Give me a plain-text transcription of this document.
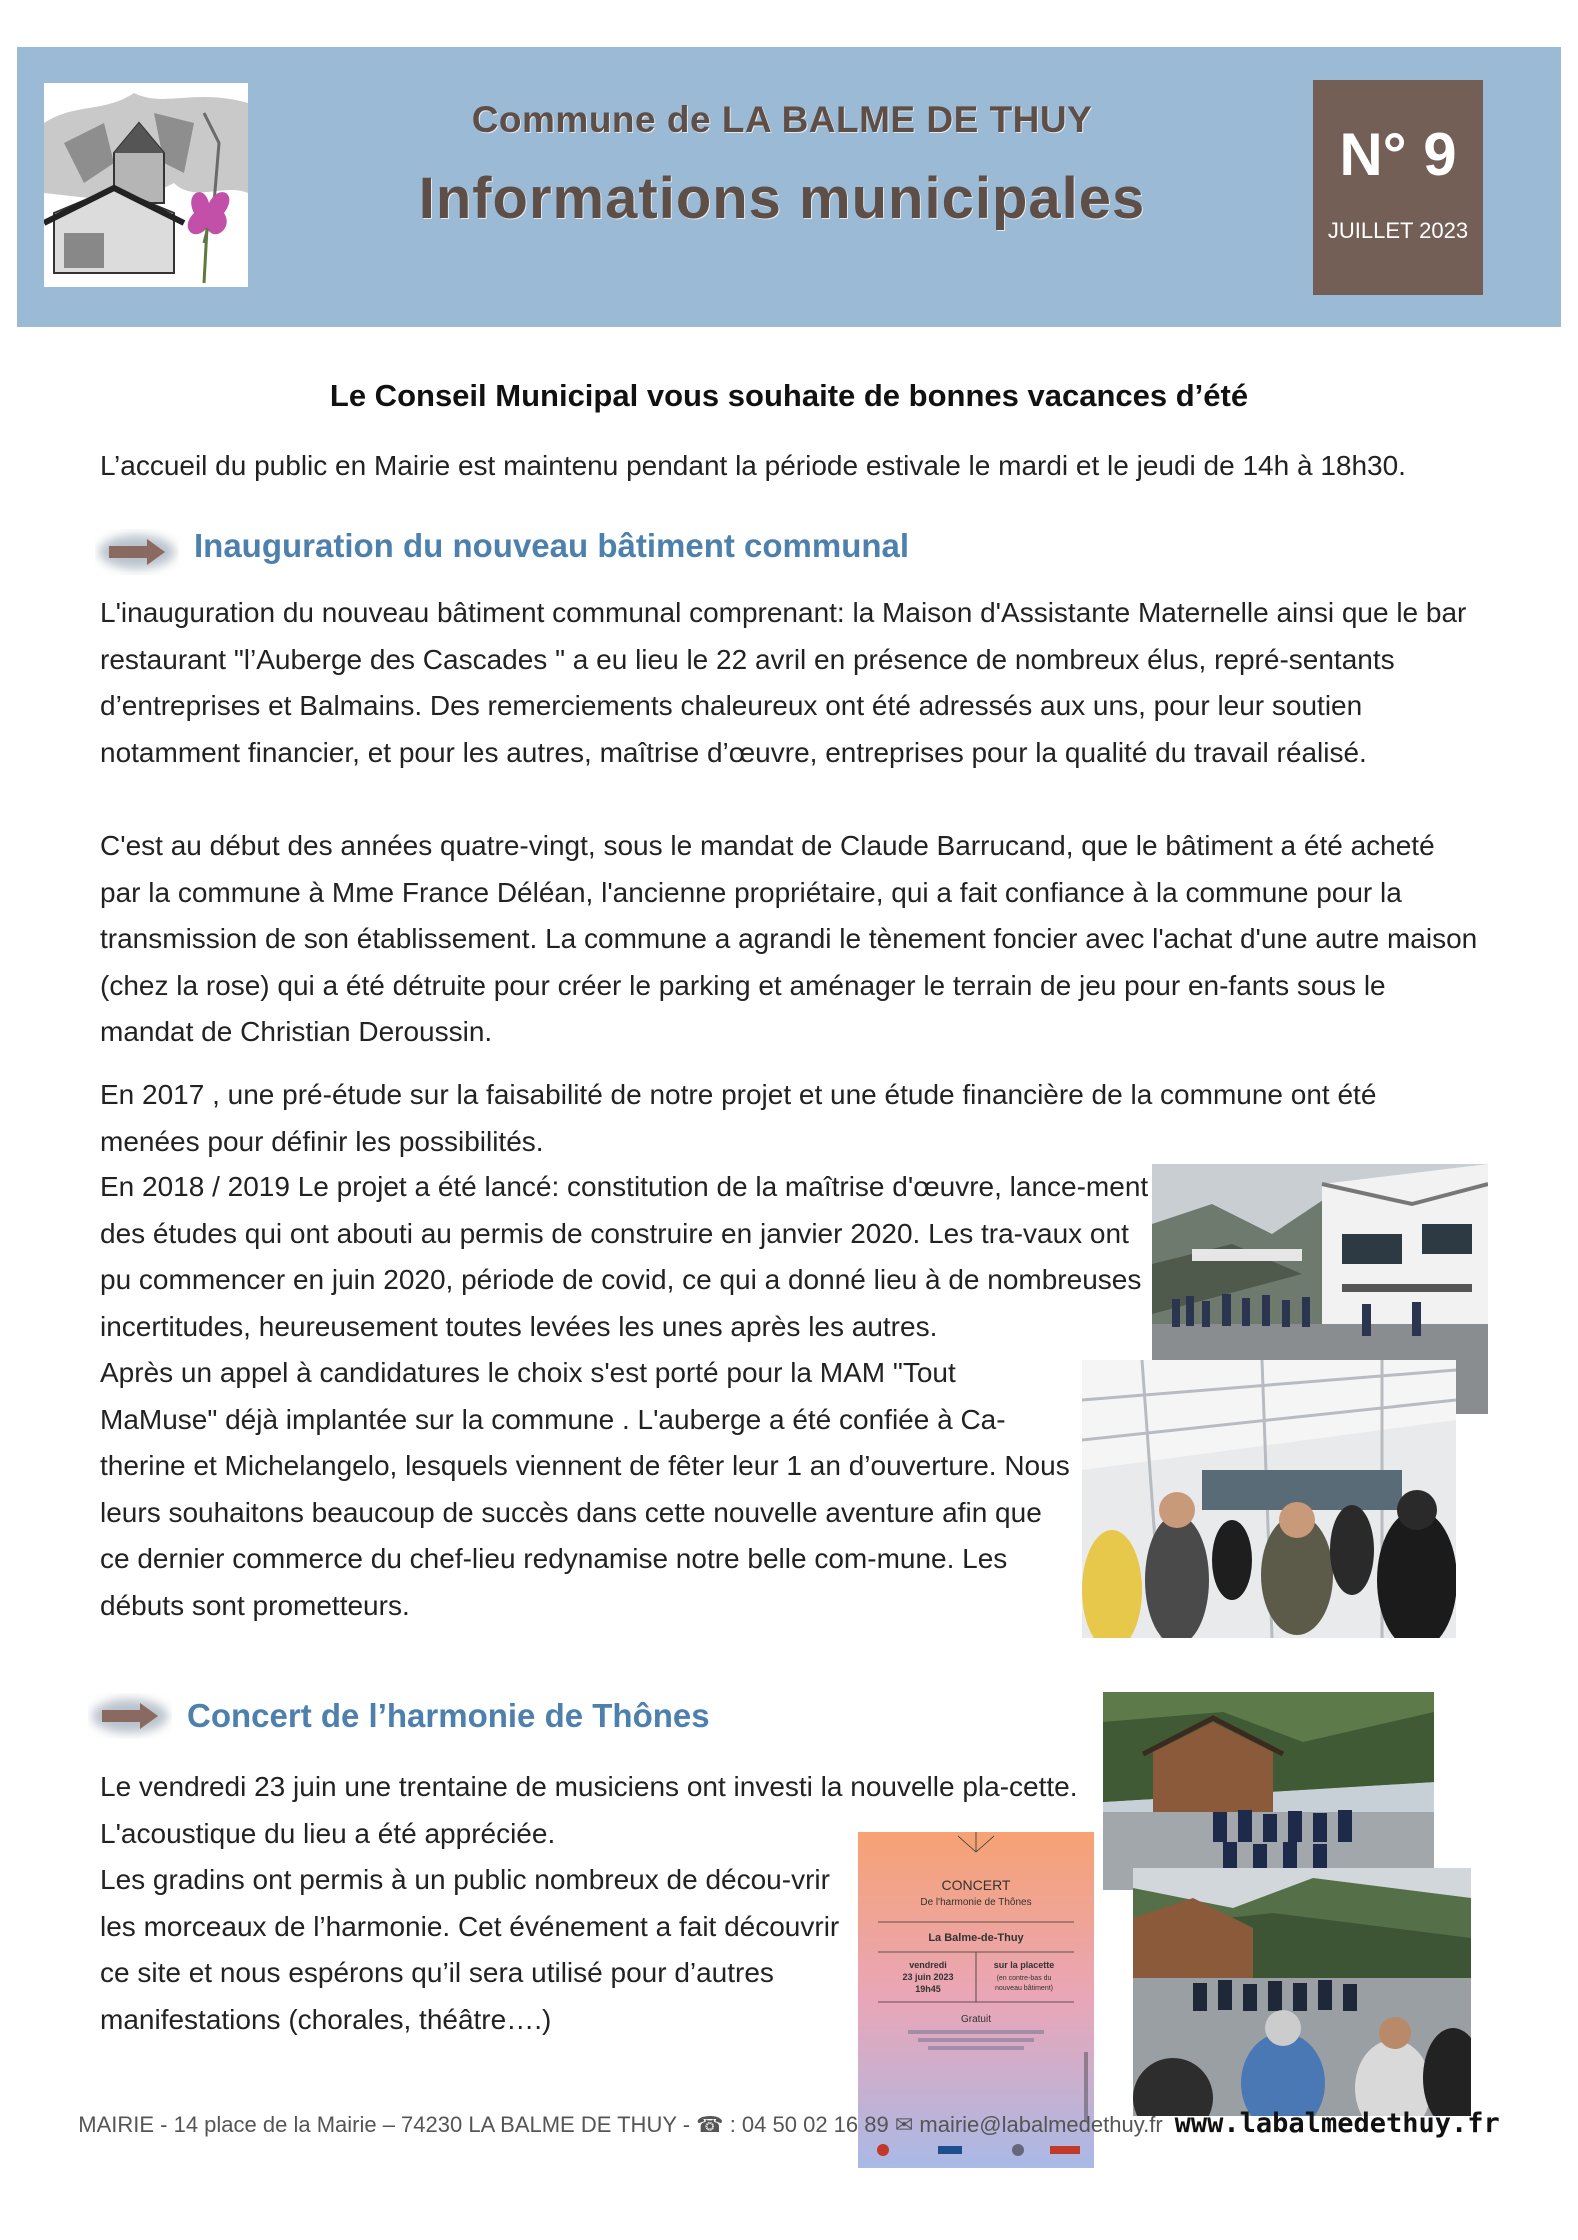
Commune de LA BALME DE THUY
Informations municipales
N° 9
JUILLET 2023
Le Conseil Municipal vous souhaite de bonnes vacances d’été

L’accueil du public en Mairie est maintenu pendant la période estivale le mardi et le jeudi de 14h à 18h30.

Inauguration du nouveau bâtiment communal

L'inauguration du nouveau bâtiment communal comprenant: la Maison d'Assistante Maternelle ainsi que le bar restaurant "l’Auberge des Cascades " a eu lieu le 22 avril en présence de nombreux élus, repré-sentants d’entreprises et Balmains. Des remerciements chaleureux ont été adressés aux uns, pour leur soutien notamment financier, et pour les autres, maîtrise d’œuvre, entreprises pour la qualité du travail réalisé.

C'est au début des années quatre-vingt, sous le mandat de Claude Barrucand, que le bâtiment a été acheté par la commune à Mme France Déléan, l'ancienne propriétaire, qui a fait confiance à la commune pour la transmission de son établissement. La commune a agrandi le tènement foncier avec l'achat d'une autre maison (chez la rose) qui a été détruite pour créer le parking et aménager le terrain de jeu pour en-fants sous le mandat de Christian Deroussin.

En 2017 , une pré-étude sur la faisabilité de notre projet et une étude financière de la commune ont été menées pour définir les possibilités.

En 2018 / 2019 Le projet a été lancé: constitution de la maîtrise d'œuvre, lance-ment des études qui ont abouti au permis de construire en janvier 2020. Les tra-vaux ont pu commencer en juin 2020, période de covid, ce qui a donné lieu à de nombreuses incertitudes, heureusement toutes levées les unes après les autres.

Après un appel à candidatures le choix s'est porté pour la MAM "Tout MaMuse" déjà implantée sur la commune . L'auberge a été confiée à Ca-therine et Michelangelo, lesquels viennent de fêter leur 1 an d’ouverture. Nous leurs souhaitons beaucoup de succès dans cette nouvelle aventure afin que ce dernier commerce du chef-lieu redynamise notre belle com-mune. Les débuts sont prometteurs.

Concert de l’harmonie de Thônes

Le vendredi 23 juin une trentaine de musiciens ont investi la nouvelle pla-cette. L'acoustique du lieu a été appréciée.

Les gradins ont permis à un public nombreux de décou-vrir les morceaux de l’harmonie. Cet événement a fait découvrir ce site et nous espérons qu’il sera utilisé pour d’autres manifestations (chorales, théâtre….)

CONCERT
De l'harmonie de Thônes
La Balme-de-Thuy
vendredi
23 juin 2023
19h45
sur la placette
(en contre-bas du
nouveau bâtiment)
Gratuit
MAIRIE - 14 place de la Mairie – 74230 LA BALME DE THUY - ☎ : 04 50 02 16 89 ✉ mairie@labalmedethuy.fr www.labalmedethuy.fr
